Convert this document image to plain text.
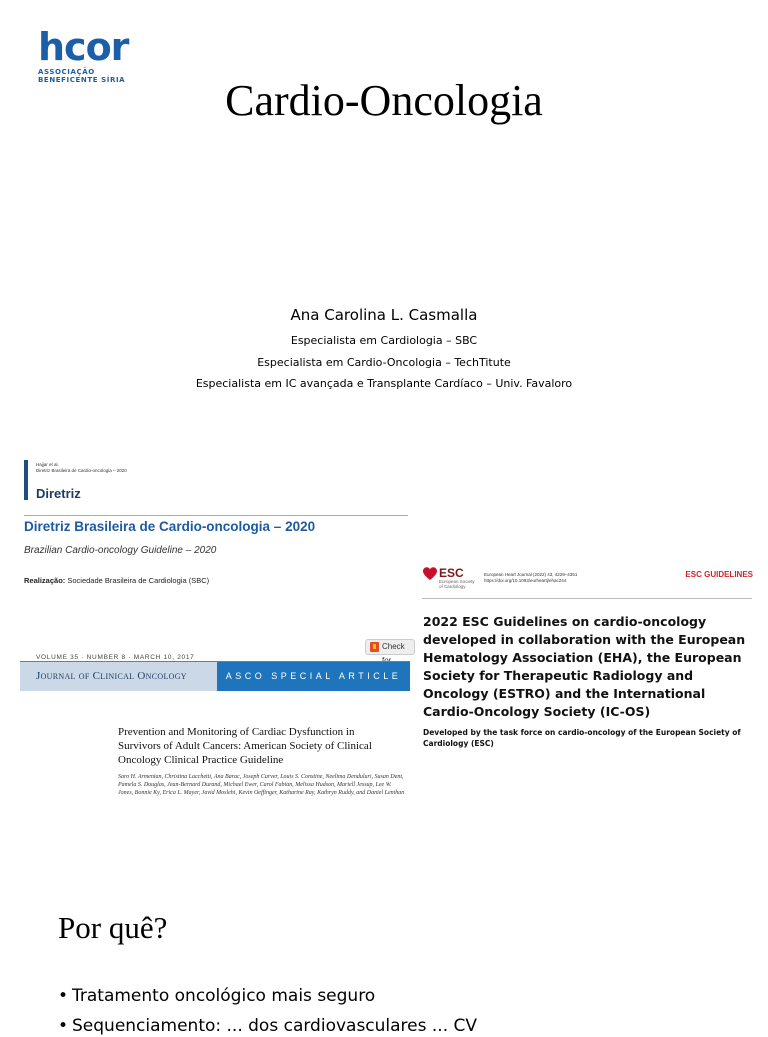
hcor
ASSOCIAÇÃO
BENEFICENTE SÍRIA	Cardio-Oncologia
Ana Carolina L. Casmalla
Especialista em Cardiologia – SBC
Especialista em Cardio-Oncologia – TechTitute
Especialista em IC avançada e Transplante Cardíaco – Univ. Favaloro
Hajjar et al.
Diretriz Brasileira de Cardio-oncologia – 2020
Diretriz
Diretriz Brasileira de Cardio-oncologia – 2020
Brazilian Cardio-oncology Guideline – 2020
Realização: Sociedade Brasileira de Cardiologia (SBC)
Check
VOLUME 35 · NUMBER 8 · MARCH 10, 2017
Journal of Clinical Oncology	ASCO SPECIAL ARTICLE
Prevention and Monitoring of Cardiac Dysfunction in Survivors of Adult Cancers: American Society of Clinical Oncology Clinical Practice Guideline
Saro H. Armenian, Christina Lacchetti, Ana Barac, Joseph Carver, Louis S. Constine, Neelima Denduluri, Susan Dent, Pamela S. Douglas, Jean-Bernard Durand, Michael Ewer, Carol Fabian, Melissa Hudson, Mariell Jessup, Lee W. Jones, Bonnie Ky, Erica L. Mayer, Javid Moslehi, Kevin Oeffinger, Katharine Ray, Kathryn Ruddy, and Daniel Lenihan
ESC
European Society
of Cardiology
European Heart Journal (2022) 43, 4229–4361
https://doi.org/10.1093/eurheartj/ehac244
ESC GUIDELINES
2022 ESC Guidelines on cardio-oncology developed in collaboration with the European Hematology Association (EHA), the European Society for Therapeutic Radiology and Oncology (ESTRO) and the International Cardio-Oncology Society (IC-OS)
Developed by the task force on cardio-oncology of the European Society of Cardiology (ESC)
Por quê?
• Tratamento oncológico mais seguro
• Sequenciamento: ... dos cardiovasculares ... CV
